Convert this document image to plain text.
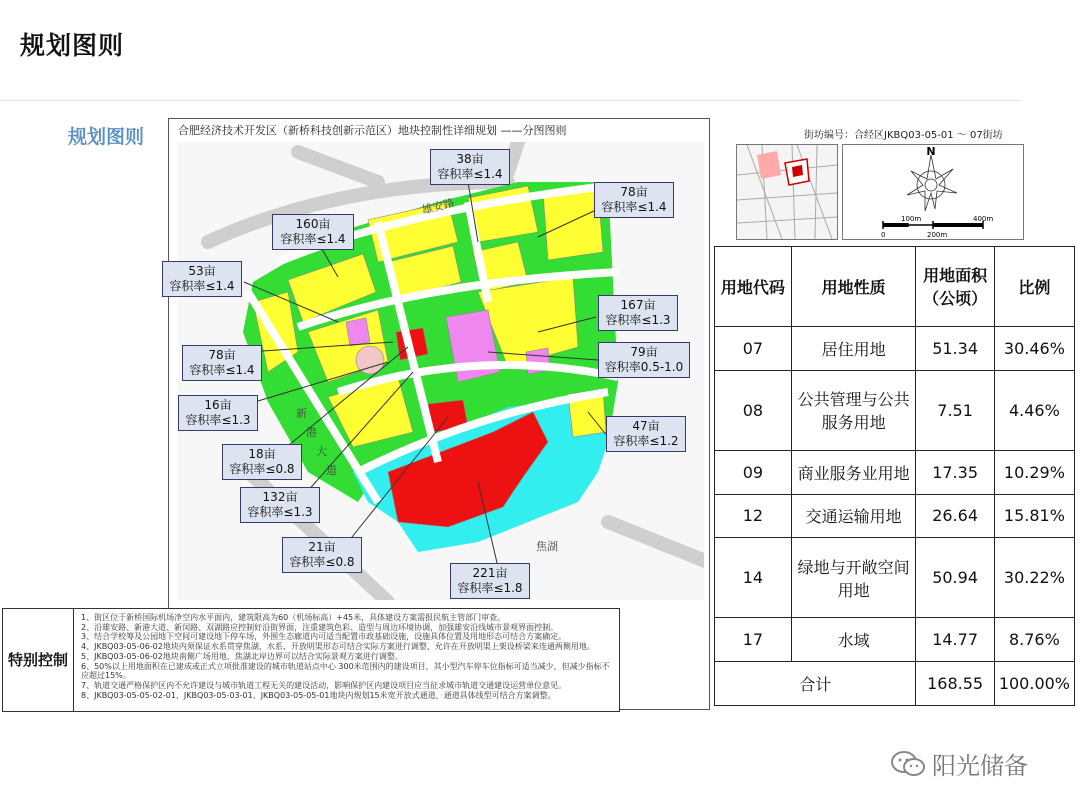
规划图则
规划图则	合肥经济技术开发区（新桥科技创新示范区）地块控制性详细规划 ——分图图则	街坊编号：合经区JKBQ03-05-01 ～ 07街坊
N
0
100m
200m
400m
雄安路
新
港
大
道
焦湖
38亩
容积率≤1.4
78亩
容积率≤1.4
160亩
容积率≤1.4
53亩
容积率≤1.4
167亩
容积率≤1.3
78亩
容积率≤1.4
79亩
容积率0.5-1.0
16亩
容积率≤1.3	47亩
容积率≤1.2
18亩
容积率≤0.8
132亩
容积率≤1.3
21亩
容积率≤0.8
221亩
容积率≤1.8
用地代码	用地性质	用地面积（公顷）	比例
07	居住用地	51.34	30.46%
08	公共管理与公共服务用地	7.51	4.46%
09	商业服务业用地	17.35	10.29%
12	交通运输用地	26.64	15.81%
14	绿地与开敞空间用地	50.94	30.22%
17	水域	14.77	8.76%
合计		168.55	100.00%
特别控制
1、街区位于新桥国际机场净空内水平面内，建筑限高为60（机场标高）+45米，具体建设方案需报民航主管部门审查。
2、沿雄安路、新港大道、新闵路、双湖路应控制好沿街界面，注重建筑色彩、造型与周边环境协调，加强雄安沿线城市景观界面控制。
3、结合学校筹及公园地下空间可建设地下停车场，外围生态廊道内可适当配置市政基础设施，设施具体位置及用地形态可结合方案确定。
4、JKBQ03-05-06-02地块内须保证水系贯穿焦湖，水系、开放明渠形态可结合实际方案进行调整，允许在开放明渠上架设桥梁来连通两侧用地。
5、JKBQ03-05-06-02地块南侧广场用地、焦湖北岸边界可以结合实际景观方案进行调整。
6、50%以上用地面积在已建成或正式立项批准建设的城市轨道站点中心 300米范围内的建设项目，其小型汽车停车位指标可适当减少，但减少指标不应超过15%。
7、轨道交通严格保护区内不允许建设与城市轨道工程无关的建设活动，影响保护区内建设项目应当征求城市轨道交通建设运营单位意见。
8、JKBQ03-05-05-02-01、JKBQ03-05-03-01、JKBQ03-05-05-01地块内规划15米宽开放式通道，通道具体线型可结合方案调整。
阳光储备
